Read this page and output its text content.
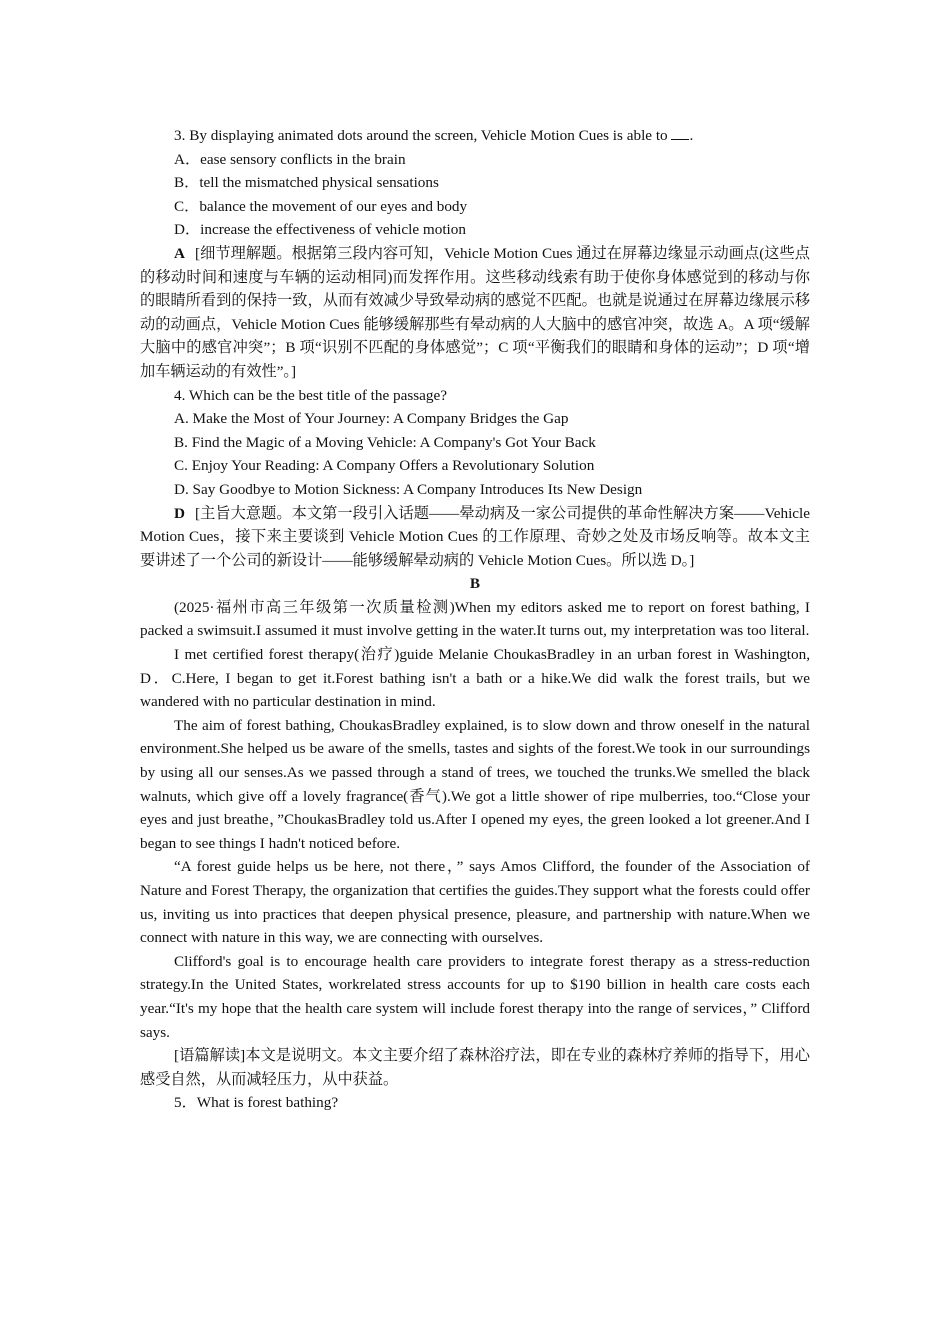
3. By displaying animated dots around the screen, Vehicle Motion Cues is able to .

A．ease sensory conflicts in the brain

B．tell the mismatched physical sensations

C．balance the movement of our eyes and body

D．increase the effectiveness of vehicle motion

A [细节理解题。根据第三段内容可知，Vehicle Motion Cues 通过在屏幕边缘显示动画点(这些点的移动时间和速度与车辆的运动相同)而发挥作用。这些移动线索有助于使你身体感觉到的移动与你的眼睛所看到的保持一致，从而有效减少导致晕动病的感觉不匹配。也就是说通过在屏幕边缘展示移动的动画点，Vehicle Motion Cues 能够缓解那些有晕动病的人大脑中的感官冲突，故选 A。A 项“缓解大脑中的感官冲突”；B 项“识别不匹配的身体感觉”；C 项“平衡我们的眼睛和身体的运动”；D 项“增加车辆运动的有效性”。]

4. Which can be the best title of the passage?

A. Make the Most of Your Journey: A Company Bridges the Gap

B. Find the Magic of a Moving Vehicle: A Company's Got Your Back

C. Enjoy Your Reading: A Company Offers a Revolutionary Solution

D. Say Goodbye to Motion Sickness: A Company Introduces Its New Design

D [主旨大意题。本文第一段引入话题——晕动病及一家公司提供的革命性解决方案——Vehicle Motion Cues，接下来主要谈到 Vehicle Motion Cues 的工作原理、奇妙之处及市场反响等。故本文主要讲述了一个公司的新设计——能够缓解晕动病的 Vehicle Motion Cues。所以选 D。]

B

(2025·福州市高三年级第一次质量检测)When my editors asked me to report on forest bathing, I packed a swimsuit.I assumed it must involve getting in the water.It turns out, my interpretation was too literal.

I met certified forest therapy(治疗)guide Melanie ChoukasBradley in an urban forest in Washington, D．C.Here, I began to get it.Forest bathing isn't a bath or a hike.We did walk the forest trails, but we wandered with no particular destination in mind.

The aim of forest bathing, ChoukasBradley explained, is to slow down and throw oneself in the natural environment.She helped us be aware of the smells, tastes and sights of the forest.We took in our surroundings by using all our senses.As we passed through a stand of trees, we touched the trunks.We smelled the black walnuts, which give off a lovely fragrance(香气).We got a little shower of ripe mulberries, too.“Close your eyes and just breathe，”ChoukasBradley told us.After I opened my eyes, the green looked a lot greener.And I began to see things I hadn't noticed before.

“A forest guide helps us be here, not there，” says Amos Clifford, the founder of the Association of Nature and Forest Therapy, the organization that certifies the guides.They support what the forests could offer us, inviting us into practices that deepen physical presence, pleasure, and partnership with nature.When we connect with nature in this way, we are connecting with ourselves.

Clifford's goal is to encourage health care providers to integrate forest therapy as a stress-reduction strategy.In the United States, workrelated stress accounts for up to $190 billion in health care costs each year.“It's my hope that the health care system will include forest therapy into the range of services，” Clifford says.

[语篇解读]本文是说明文。本文主要介绍了森林浴疗法，即在专业的森林疗养师的指导下，用心感受自然，从而减轻压力，从中获益。

5．What is forest bathing?
